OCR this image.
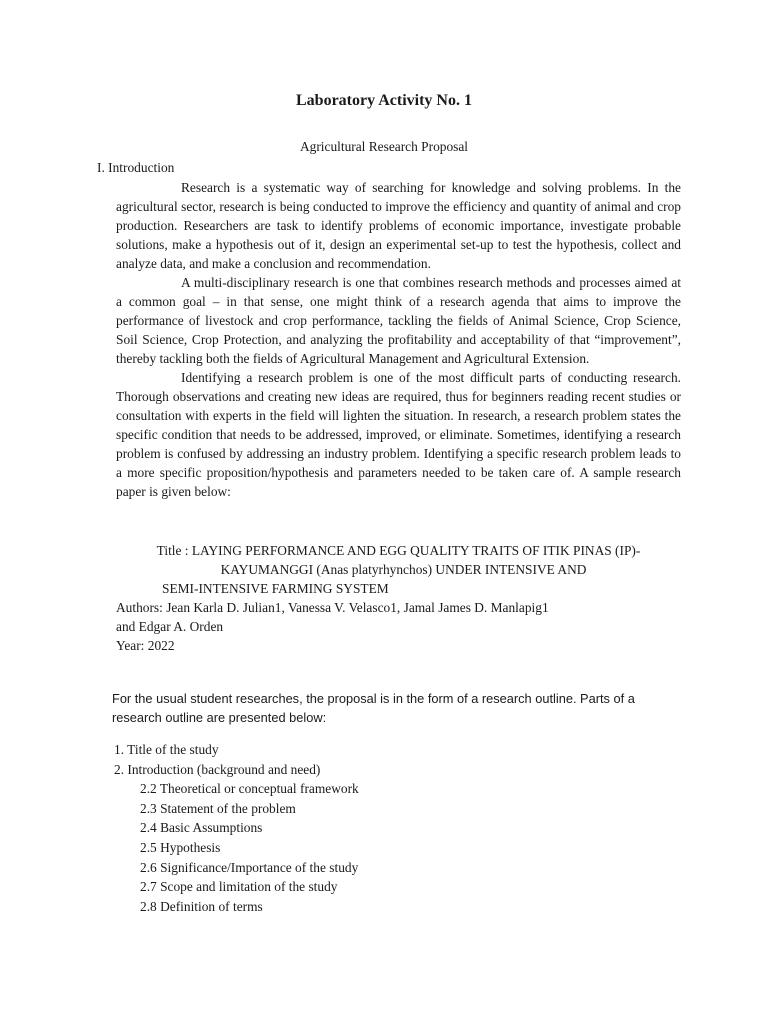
Laboratory Activity No. 1
Agricultural Research Proposal
I. Introduction

Research is a systematic way of searching for knowledge and solving problems. In the agricultural sector, research is being conducted to improve the efficiency and quantity of animal and crop production. Researchers are task to identify problems of economic importance, investigate probable solutions, make a hypothesis out of it, design an experimental set-up to test the hypothesis, collect and analyze data, and make a conclusion and recommendation.

A multi-disciplinary research is one that combines research methods and processes aimed at a common goal – in that sense, one might think of a research agenda that aims to improve the performance of livestock and crop performance, tackling the fields of Animal Science, Crop Science, Soil Science, Crop Protection, and analyzing the profitability and acceptability of that “improvement”, thereby tackling both the fields of Agricultural Management and Agricultural Extension.

Identifying a research problem is one of the most difficult parts of conducting research. Thorough observations and creating new ideas are required, thus for beginners reading recent studies or consultation with experts in the field will lighten the situation. In research, a research problem states the specific condition that needs to be addressed, improved, or eliminate. Sometimes, identifying a research problem is confused by addressing an industry problem. Identifying a specific research problem leads to a more specific proposition/hypothesis and parameters needed to be taken care of. A sample research paper is given below:

Title : LAYING PERFORMANCE AND EGG QUALITY TRAITS OF ITIK PINAS (IP)-
KAYUMANGGI (Anas platyrhynchos) UNDER INTENSIVE AND
SEMI-INTENSIVE FARMING SYSTEM
Authors: Jean Karla D. Julian1, Vanessa V. Velasco1, Jamal James D. Manlapig1
and Edgar A. Orden
Year: 2022
For the usual student researches, the proposal is in the form of a research outline. Parts of a research outline are presented below:
1. Title of the study
2. Introduction (background and need)
2.2 Theoretical or conceptual framework
2.3 Statement of the problem
2.4 Basic Assumptions
2.5 Hypothesis
2.6 Significance/Importance of the study
2.7 Scope and limitation of the study
2.8 Definition of terms
